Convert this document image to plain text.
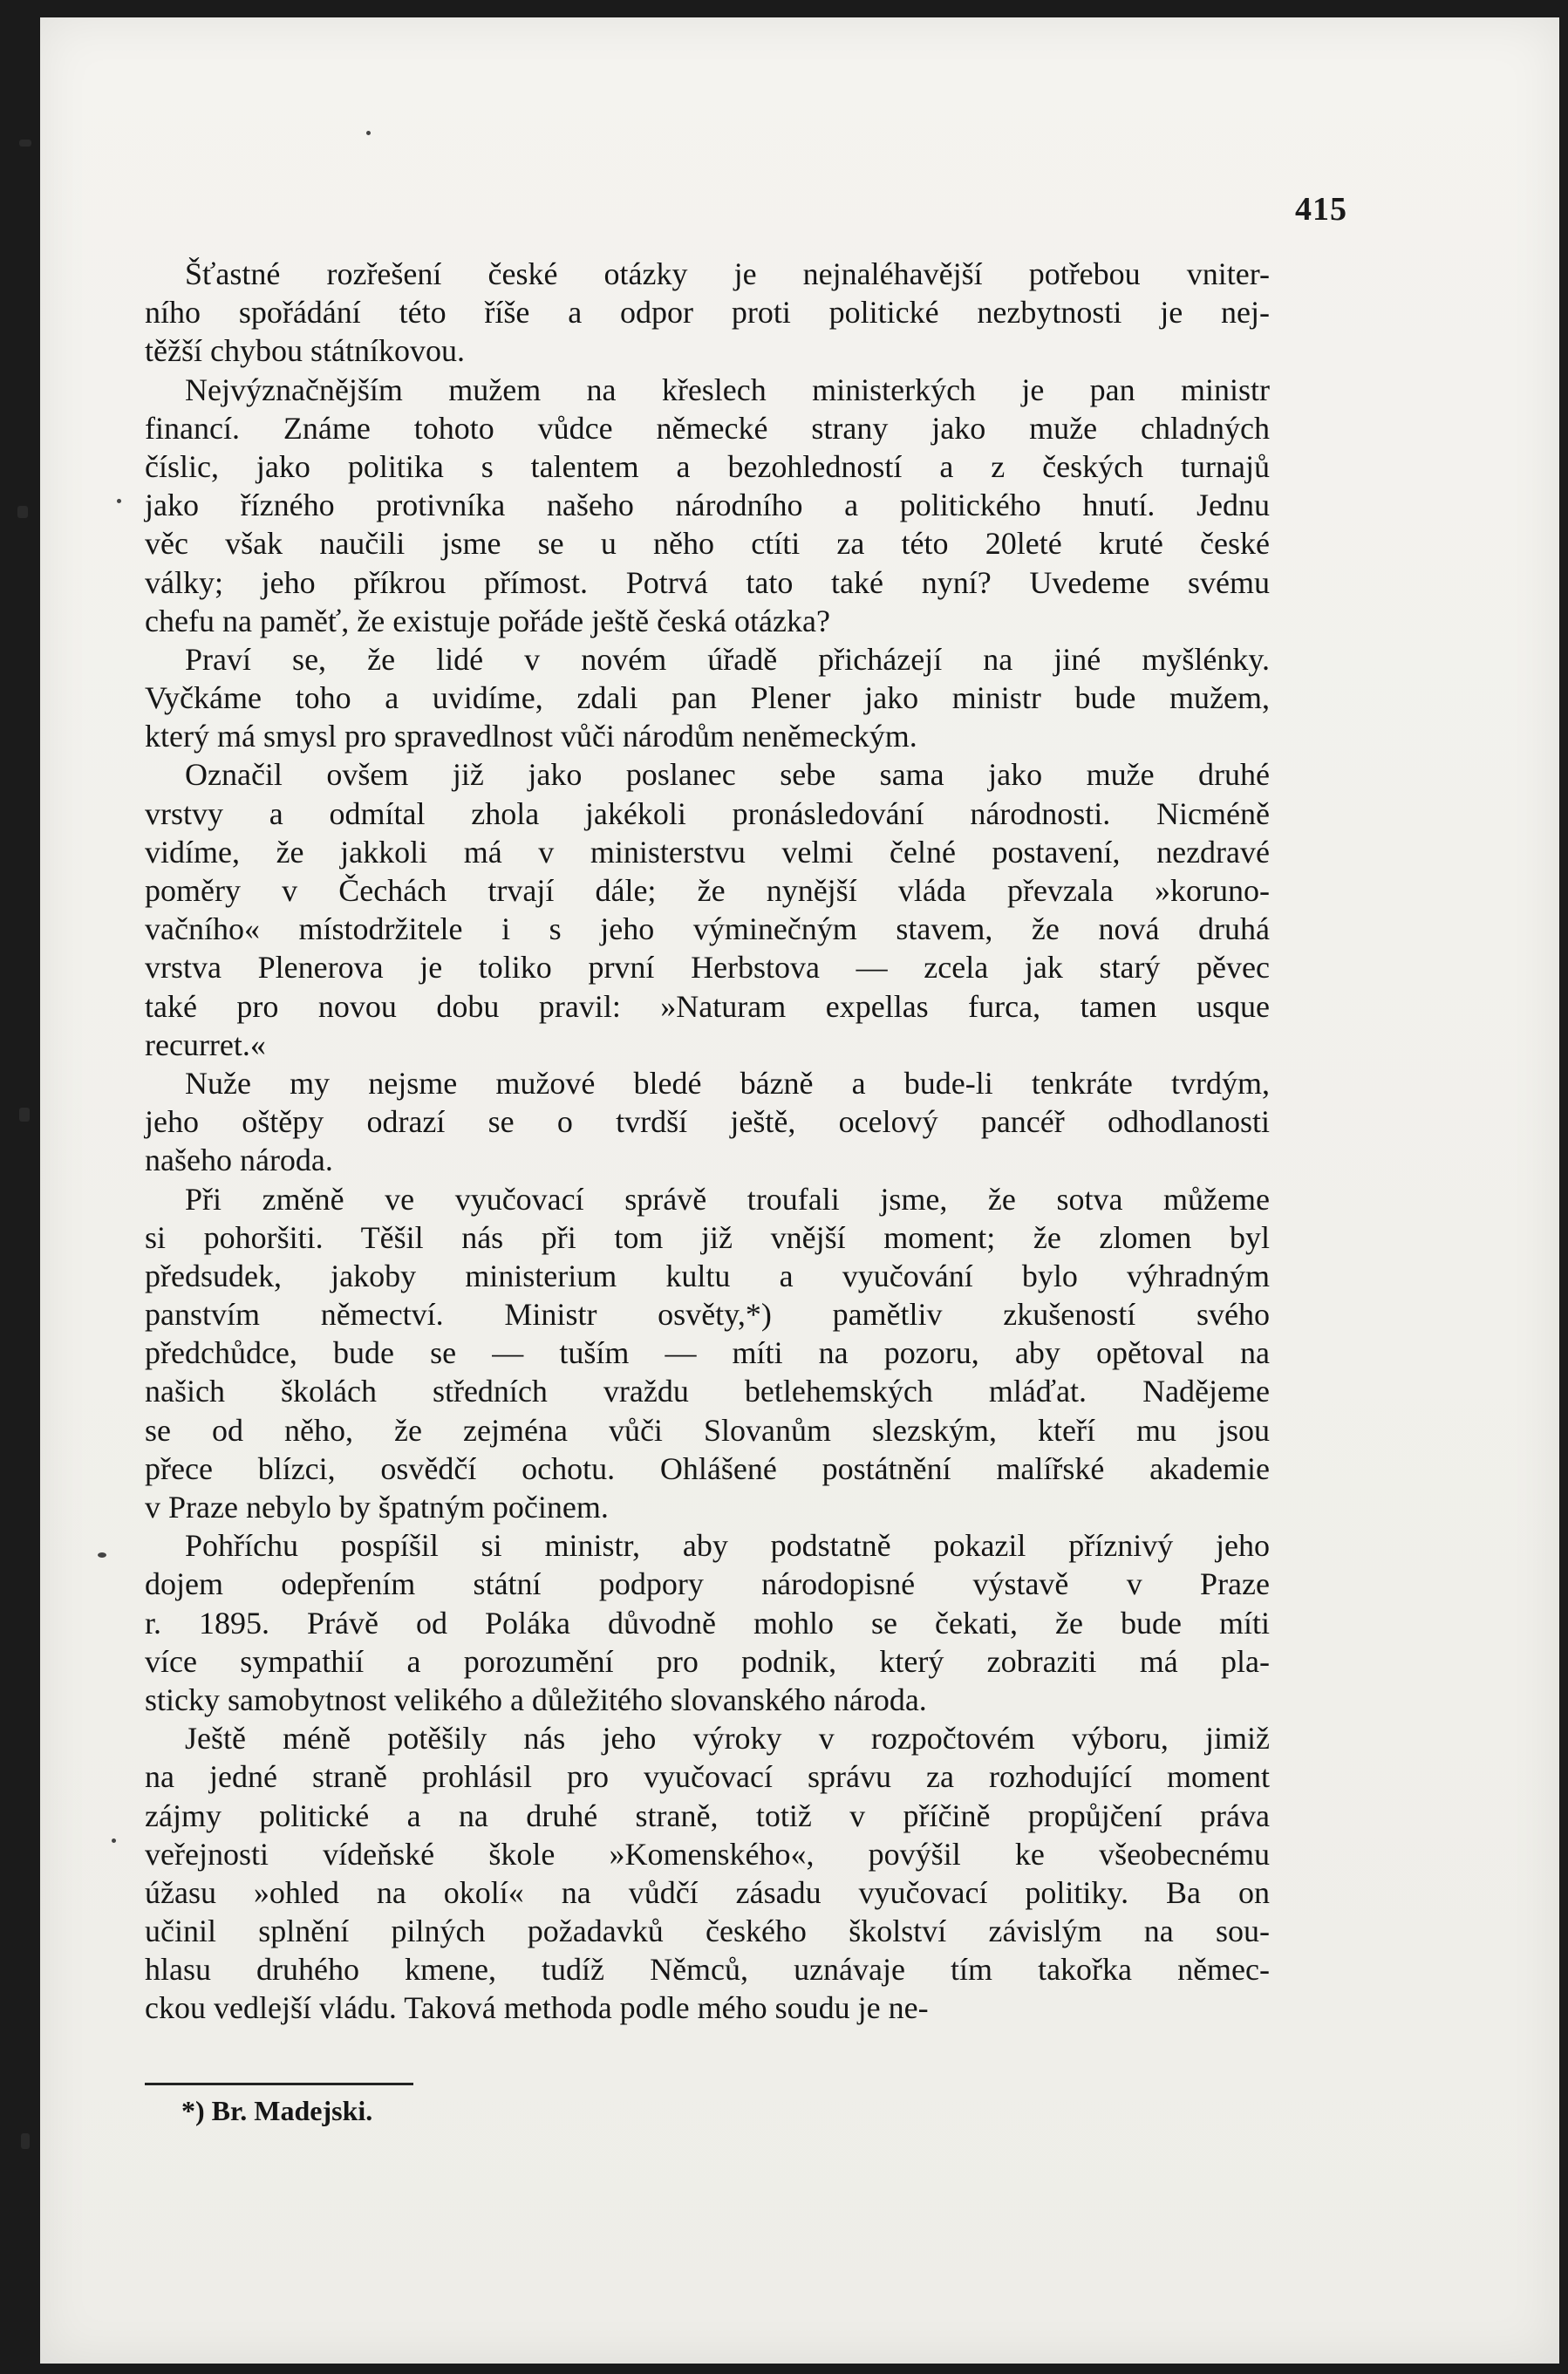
415
Šťastné rozřešení české otázky je nejnaléhavější potřebou vniter-
ního spořádání této říše a odpor proti politické nezbytnosti je nej-
těžší chybou státníkovou.
Nejvýznačnějším mužem na křeslech ministerkých je pan ministr
financí. Známe tohoto vůdce německé strany jako muže chladných
číslic, jako politika s talentem a bezohledností a z českých turnajů
jako řízného protivníka našeho národního a politického hnutí. Jednu
věc však naučili jsme se u něho ctíti za této 20leté kruté české
války; jeho příkrou přímost. Potrvá tato také nyní? Uvedeme svému
chefu na paměť, že existuje pořáde ještě česká otázka?
Praví se, že lidé v novém úřadě přicházejí na jiné myšlénky.
Vyčkáme toho a uvidíme, zdali pan Plener jako ministr bude mužem,
který má smysl pro spravedlnost vůči národům neněmeckým.
Označil ovšem již jako poslanec sebe sama jako muže druhé
vrstvy a odmítal zhola jakékoli pronásledování národnosti. Nicméně
vidíme, že jakkoli má v ministerstvu velmi čelné postavení, nezdravé
poměry v Čechách trvají dále; že nynější vláda převzala »koruno-
vačního« místodržitele i s jeho výminečným stavem, že nová druhá
vrstva Plenerova je toliko první Herbstova — zcela jak starý pěvec
také pro novou dobu pravil: »Naturam expellas furca, tamen usque
recurret.«
Nuže my nejsme mužové bledé bázně a bude-li tenkráte tvrdým,
jeho oštěpy odrazí se o tvrdší ještě, ocelový pancéř odhodlanosti
našeho národa.
Při změně ve vyučovací správě troufali jsme, že sotva můžeme
si pohoršiti. Těšil nás při tom již vnější moment; že zlomen byl
předsudek, jakoby ministerium kultu a vyučování bylo výhradným
panstvím němectví. Ministr osvěty,*) pamětliv zkušeností svého
předchůdce, bude se — tuším — míti na pozoru, aby opětoval na
našich školách středních vraždu betlehemských mláďat. Nadějeme
se od něho, že zejména vůči Slovanům slezským, kteří mu jsou
přece blízci, osvědčí ochotu. Ohlášené postátnění malířské akademie
v Praze nebylo by špatným počinem.
Pohříchu pospíšil si ministr, aby podstatně pokazil příznivý jeho
dojem odepřením státní podpory národopisné výstavě v Praze
r. 1895. Právě od Poláka důvodně mohlo se čekati, že bude míti
více sympathií a porozumění pro podnik, který zobraziti má pla-
sticky samobytnost velikého a důležitého slovanského národa.
Ještě méně potěšily nás jeho výroky v rozpočtovém výboru, jimiž
na jedné straně prohlásil pro vyučovací správu za rozhodující moment
zájmy politické a na druhé straně, totiž v příčině propůjčení práva
veřejnosti vídeňské škole »Komenského«, povýšil ke všeobecnému
úžasu »ohled na okolí« na vůdčí zásadu vyučovací politiky. Ba on
učinil splnění pilných požadavků českého školství závislým na sou-
hlasu druhého kmene, tudíž Němců, uznávaje tím takořka němec-
ckou vedlejší vládu. Taková methoda podle mého soudu je ne-
*) Br. Madejski.
